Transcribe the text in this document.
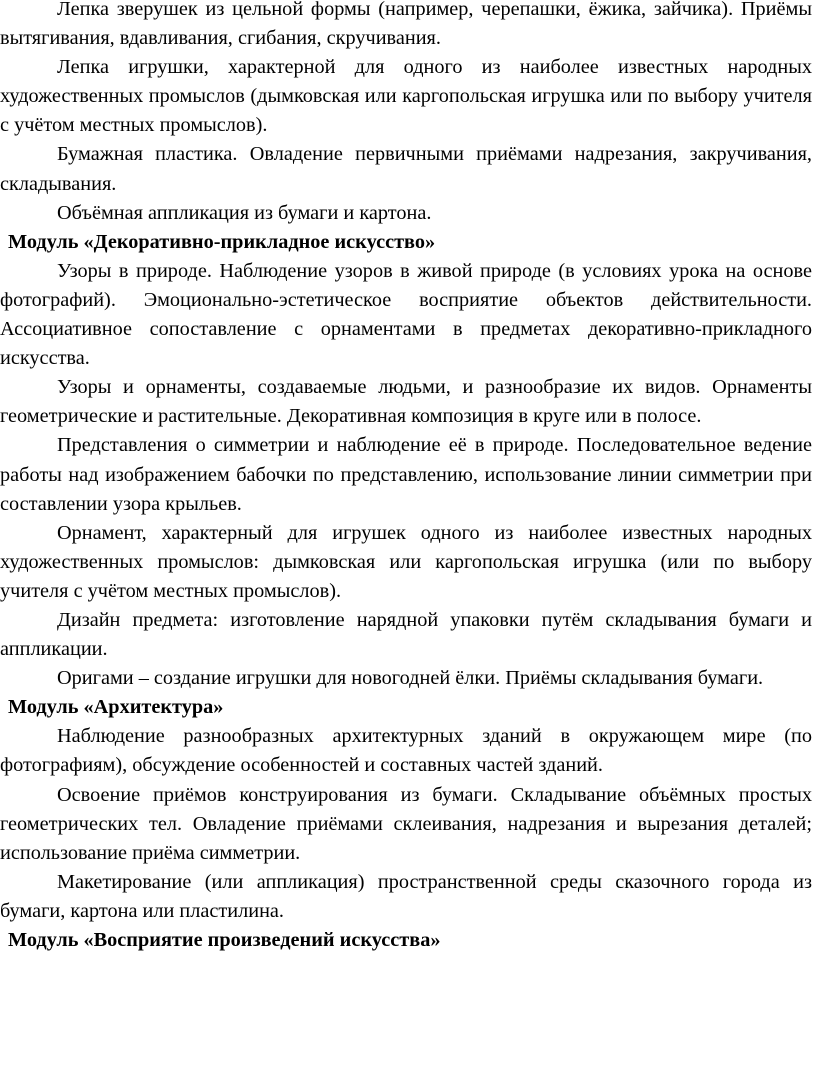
Лепка зверушек из цельной формы (например, черепашки, ёжика, зайчика). Приёмы вытягивания, вдавливания, сгибания, скручивания.

Лепка игрушки, характерной для одного из наиболее известных народных художественных промыслов (дымковская или каргопольская игрушка или по выбору учителя с учётом местных промыслов).

Бумажная пластика. Овладение первичными приёмами надрезания, закручивания, складывания.

Объёмная аппликация из бумаги и картона.

Модуль «Декоративно-прикладное искусство»

Узоры в природе. Наблюдение узоров в живой природе (в условиях урока на основе фотографий). Эмоционально-эстетическое восприятие объектов действительности. Ассоциативное сопоставление с орнаментами в предметах декоративно-прикладного искусства.

Узоры и орнаменты, создаваемые людьми, и разнообразие их видов. Орнаменты геометрические и растительные. Декоративная композиция в круге или в полосе.

Представления о симметрии и наблюдение её в природе. Последовательное ведение работы над изображением бабочки по представлению, использование линии симметрии при составлении узора крыльев.

Орнамент, характерный для игрушек одного из наиболее известных народных художественных промыслов: дымковская или каргопольская игрушка (или по выбору учителя с учётом местных промыслов).

Дизайн предмета: изготовление нарядной упаковки путём складывания бумаги и аппликации.

Оригами – создание игрушки для новогодней ёлки. Приёмы складывания бумаги.

Модуль «Архитектура»

Наблюдение разнообразных архитектурных зданий в окружающем мире (по фотографиям), обсуждение особенностей и составных частей зданий.

Освоение приёмов конструирования из бумаги. Складывание объёмных простых геометрических тел. Овладение приёмами склеивания, надрезания и вырезания деталей; использование приёма симметрии.

Макетирование (или аппликация) пространственной среды сказочного города из бумаги, картона или пластилина.

Модуль «Восприятие произведений искусства»
